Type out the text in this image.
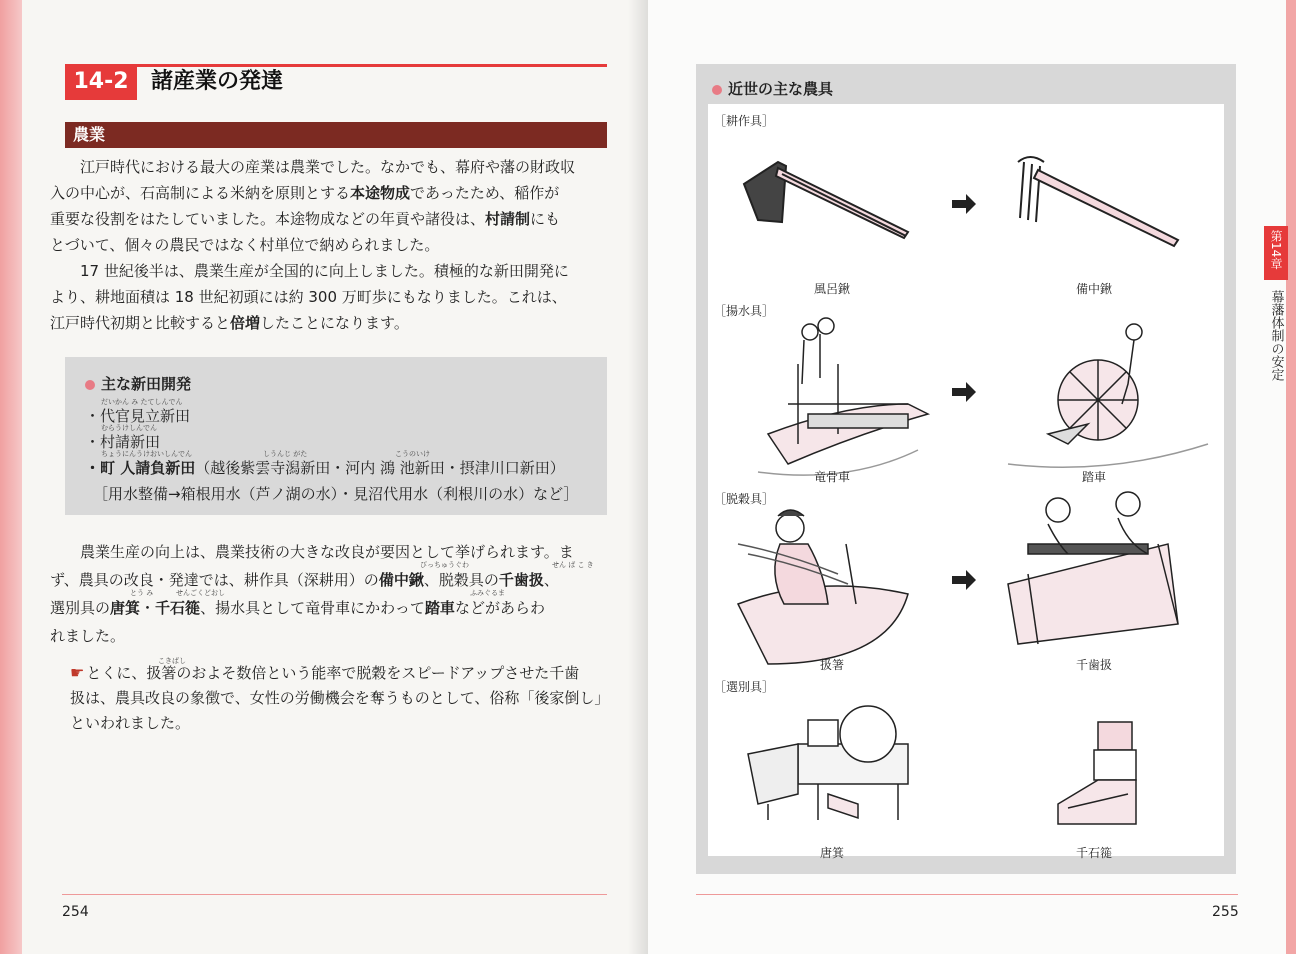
14-2	諸産業の発達
農業
江戸時代における最大の産業は農業でした。なかでも、幕府や藩の財政収
入の中心が、石高制による米納を原則とする本途物成であったため、稲作が
重要な役割をはたしていました。本途物成などの年貢や諸役は、村請制にも
とづいて、個々の農民ではなく村単位で納められました。
17 世紀後半は、農業生産が全国的に向上しました。積極的な新田開発に
より、耕地面積は 18 世紀初頭には約 300 万町歩にもなりました。これは、
江戸時代初期と比較すると倍増したことになります。
主な新田開発
だいかん み たてしんでん
・代官見立新田
むらうけしんでん
・村請新田
ちょうにんうけおいしんでん	しうんじ がた	こうのいけ
・町 人請負新田（越後紫雲寺潟新田・河内 鴻 池新田・摂津川口新田）
［用水整備→箱根用水（芦ノ湖の水）・見沼代用水（利根川の水）など］
農業生産の向上は、農業技術の大きな改良が要因として挙げられます。ま
ず、農具の改良・発達では、耕作具（深耕用）の備中鍬、脱穀具の千歯扱、
選別具の唐箕・千石簁、揚水具として竜骨車にかわって踏車などがあらわ
れました。
びっちゅうぐわ	せん ば こ き
とう み	せんごくどおし	ふみぐるま
こきばし
☛ とくに、扱箸のおよそ数倍という能率で脱穀をスピードアップさせた千歯
扱は、農具改良の象徴で、女性の労働機会を奪うものとして、俗称「後家倒し」
といわれました。
254
近世の主な農具
［耕作具］
風呂鍬	備中鍬
［揚水具］
竜骨車	踏車
［脱穀具］
扱箸	千歯扱
［選別具］
唐箕	千石簁
第14章
幕藩体制の安定
255
